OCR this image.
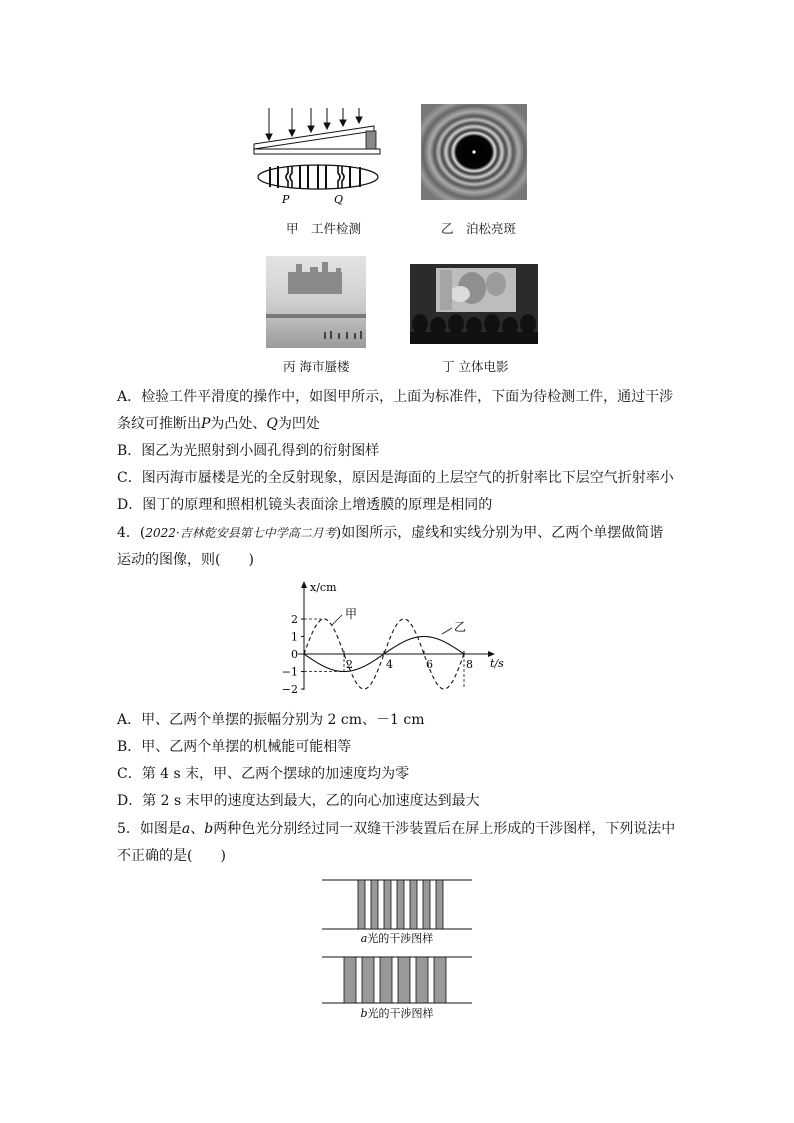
P	Q
甲　工件检测	乙　泊松亮斑
丙 海市蜃楼	丁 立体电影
A．检验工件平滑度的操作中，如图甲所示，上面为标准件，下面为待检测工件，通过干涉
条纹可推断出P为凸处、Q为凹处
B．图乙为光照射到小圆孔得到的衍射图样
C．图丙海市蜃楼是光的全反射现象，原因是海面的上层空气的折射率比下层空气折射率小
D．图丁的原理和照相机镜头表面涂上增透膜的原理是相同的
4．(2022·吉林乾安县第七中学高二月考)如图所示，虚线和实线分别为甲、乙两个单摆做简谐
运动的图像，则(　　)
x/cm
t/s
2
1
0
−1
−2
2	4	6	8
甲
乙
A．甲、乙两个单摆的振幅分别为 2 cm、－1 cm
B．甲、乙两个单摆的机械能可能相等
C．第 4 s 末，甲、乙两个摆球的加速度均为零
D．第 2 s 末甲的速度达到最大，乙的向心加速度达到最大
5．如图是a、b两种色光分别经过同一双缝干涉装置后在屏上形成的干涉图样，下列说法中
不正确的是(　　)
a光的干涉图样
b光的干涉图样
